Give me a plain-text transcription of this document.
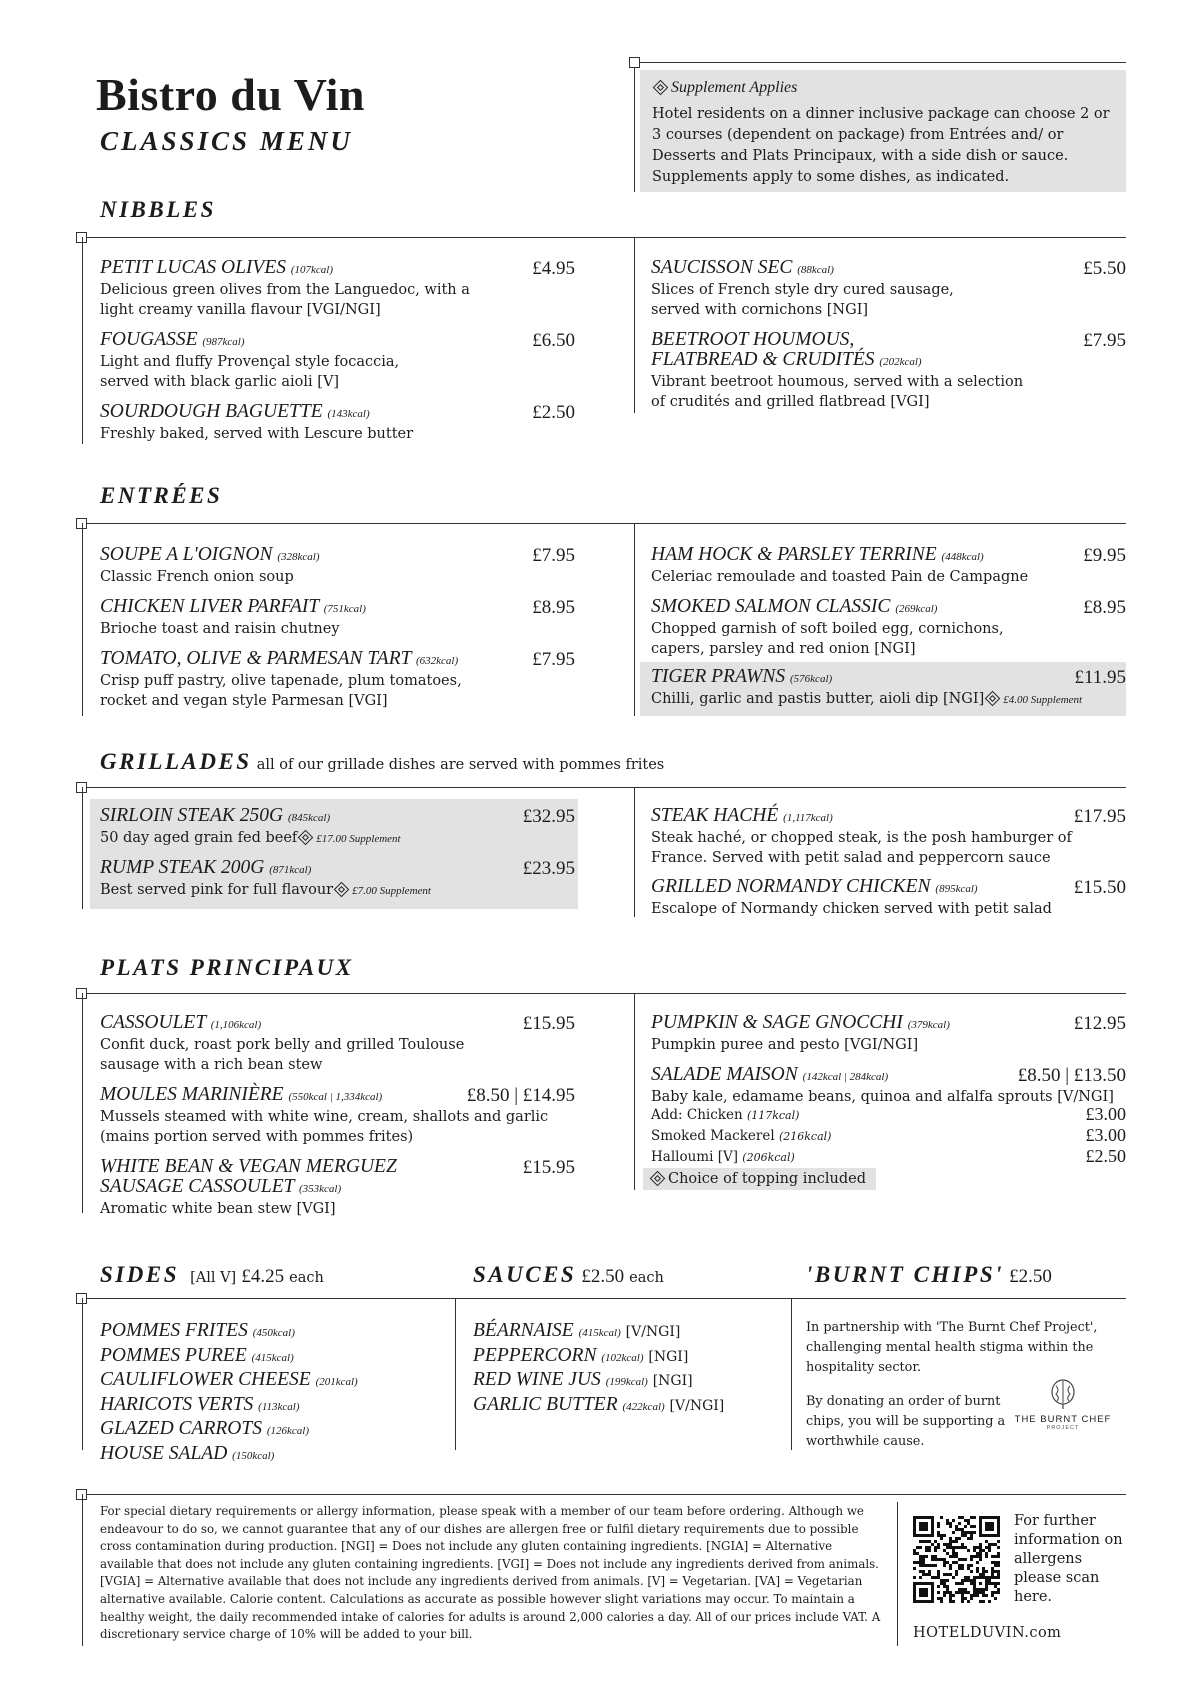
Bistro du Vin
CLASSICS MENU
Supplement Applies
Hotel residents on a dinner inclusive package can choose 2 or 3 courses (dependent on package) from Entrées and/ or Desserts and Plats Principaux, with a side dish or sauce. Supplements apply to some dishes, as indicated.
NIBBLES
PETIT LUCAS OLIVES (107kcal)	£4.95
Delicious green olives from the Languedoc, with a light creamy vanilla flavour [VGI/NGI]
FOUGASSE (987kcal)	£6.50
Light and fluffy Provençal style focaccia, served with black garlic aioli [V]
SOURDOUGH BAGUETTE (143kcal)	£2.50
Freshly baked, served with Lescure butter
SAUCISSON SEC (88kcal)	£5.50
Slices of French style dry cured sausage, served with cornichons [NGI]
BEETROOT HOUMOUS,
FLATBREAD & CRUDITÉS (202kcal)
£7.95
Vibrant beetroot houmous, served with a selection of crudités and grilled flatbread [VGI]
ENTRÉES
SOUPE A L'OIGNON (328kcal)	£7.95
Classic French onion soup
CHICKEN LIVER PARFAIT (751kcal)	£8.95
Brioche toast and raisin chutney
TOMATO, OLIVE & PARMESAN TART (632kcal)	£7.95
Crisp puff pastry, olive tapenade, plum tomatoes, rocket and vegan style Parmesan [VGI]
HAM HOCK & PARSLEY TERRINE (448kcal)	£9.95
Celeriac remoulade and toasted Pain de Campagne
SMOKED SALMON CLASSIC (269kcal)	£8.95
Chopped garnish of soft boiled egg, cornichons, capers, parsley and red onion [NGI]
TIGER PRAWNS (576kcal)	£11.95
Chilli, garlic and pastis butter, aioli dip [NGI] £4.00 Supplement
GRILLADES all of our grillade dishes are served with pommes frites
SIRLOIN STEAK 250G (845kcal)	£32.95
50 day aged grain fed beef £17.00 Supplement
RUMP STEAK 200G (871kcal)	£23.95
Best served pink for full flavour £7.00 Supplement
STEAK HACHÉ (1,117kcal)	£17.95
Steak haché, or chopped steak, is the posh hamburger of France. Served with petit salad and peppercorn sauce
GRILLED NORMANDY CHICKEN (895kcal)	£15.50
Escalope of Normandy chicken served with petit salad
PLATS PRINCIPAUX
CASSOULET (1,106kcal)	£15.95
Confit duck, roast pork belly and grilled Toulouse sausage with a rich bean stew
MOULES MARINIÈRE (550kcal | 1,334kcal)	£8.50 | £14.95
Mussels steamed with white wine, cream, shallots and garlic (mains portion served with pommes frites)
WHITE BEAN & VEGAN MERGUEZ
SAUSAGE CASSOULET (353kcal)
£15.95
Aromatic white bean stew [VGI]
PUMPKIN & SAGE GNOCCHI (379kcal)	£12.95
Pumpkin puree and pesto [VGI/NGI]
SALADE MAISON (142kcal | 284kcal)	£8.50 | £13.50
Baby kale, edamame beans, quinoa and alfalfa sprouts [V/NGI]
Add: Chicken (117kcal)	£3.00
Smoked Mackerel (216kcal)	£3.00
Halloumi [V] (206kcal)	£2.50
Choice of topping included
SIDES [All V] £4.25 each	SAUCES £2.50 each	'BURNT CHIPS' £2.50
POMMES FRITES (450kcal)
POMMES PUREE (415kcal)
CAULIFLOWER CHEESE (201kcal)
HARICOTS VERTS (113kcal)
GLAZED CARROTS (126kcal)
HOUSE SALAD (150kcal)
BÉARNAISE (415kcal) [V/NGI]
PEPPERCORN (102kcal) [NGI]
RED WINE JUS (199kcal) [NGI]
GARLIC BUTTER (422kcal) [V/NGI]
In partnership with 'The Burnt Chef Project', challenging mental health stigma within the hospitality sector.
By donating an order of burnt chips, you will be supporting a worthwhile cause.
THE BURNT CHEF
PROJECT
For special dietary requirements or allergy information, please speak with a member of our team before ordering. Although we endeavour to do so, we cannot guarantee that any of our dishes are allergen free or fulfil dietary requirements due to possible cross contamination during production. [NGI] = Does not include any gluten containing ingredients. [NGIA] = Alternative available that does not include any gluten containing ingredients. [VGI] = Does not include any ingredients derived from animals. [VGIA] = Alternative available that does not include any ingredients derived from animals. [V] = Vegetarian. [VA] = Vegetarian alternative available. Calorie content. Calculations as accurate as possible however slight variations may occur. To maintain a healthy weight, the daily recommended intake of calories for adults is around 2,000 calories a day. All of our prices include VAT. A discretionary service charge of 10% will be added to your bill.
For further information on allergens please scan here.
HOTELDUVIN.com
